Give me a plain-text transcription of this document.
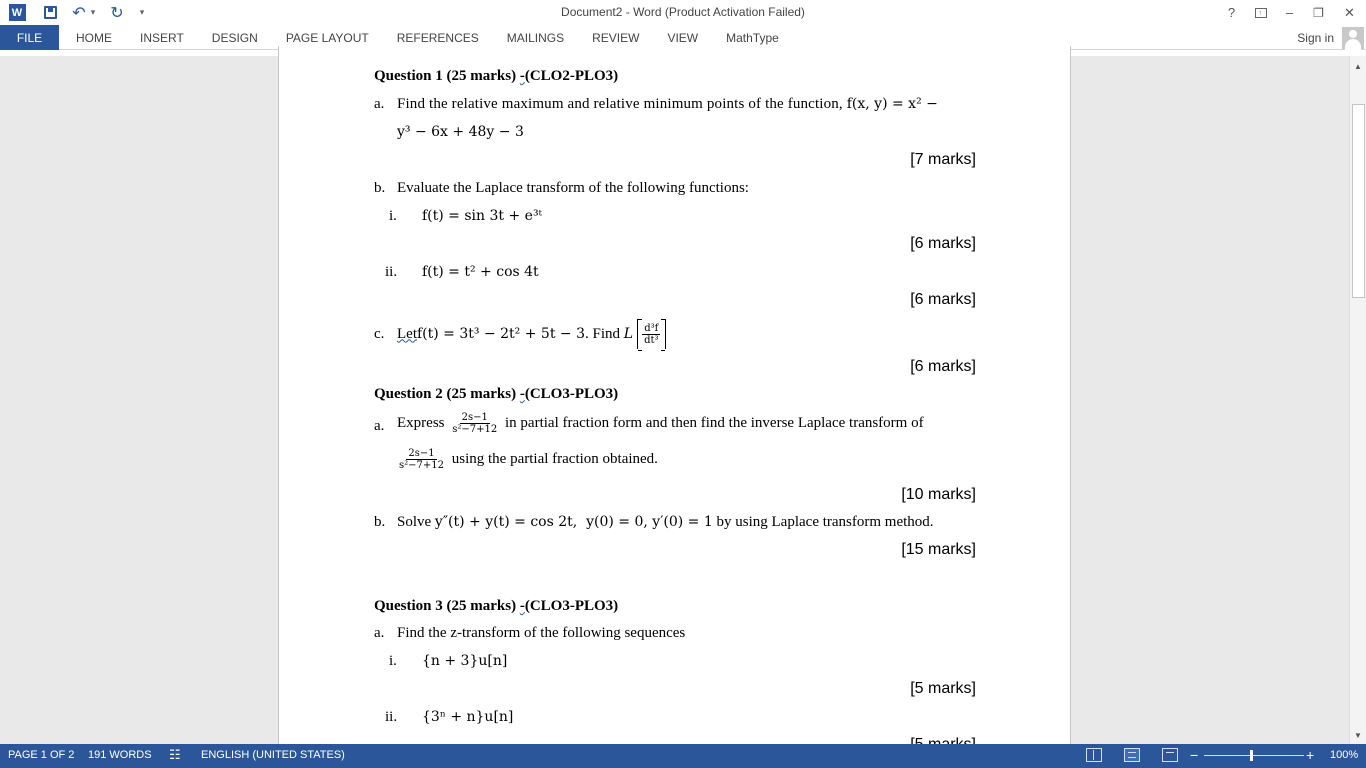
W	↶ ▾ ↻ ▾	Document2 - Word (Product Activation Failed)	?	↑ – ❐ ✕
FILE	HOME	INSERT	DESIGN	PAGE LAYOUT	REFERENCES	MAILINGS	REVIEW	VIEW	MathType	Sign in
Question 1 (25 marks) -(CLO2-PLO3)
a. Find the relative maximum and relative minimum points of the function, f(x, y) = x² −
y³ − 6x + 48y − 3
[7 marks]
b. Evaluate the Laplace transform of the following functions:
i. f(t) = sin 3t + e³ᵗ
[6 marks]
ii. f(t) = t² + cos 4t
[6 marks]
c. Let f(t) = 3t³ − 2t² + 5t − 3 . Find L $\frac{\text{d³f}}{\text{dt³}}$
[6 marks]
Question 2 (25 marks) -(CLO3-PLO3)
a. Express $\frac{2s-1}{\text{s²−7+12}}$ in partial fraction form and then find the inverse Laplace transform of
$\frac{2s-1}{\text{s²−7+12}}$ using the partial fraction obtained.
[10 marks]
b. Solve y″(t) + y(t) = cos 2t,  y(0) = 0, y′(0) = 1 by using Laplace transform method.
[15 marks]
Question 3 (25 marks) -(CLO3-PLO3)
a. Find the z-transform of the following sequences
i. {n + 3}u[n]
[5 marks]
ii. {3ⁿ + n}u[n]
▲
▼
PAGE 1 OF 2 191 WORDS ☷ ENGLISH (UNITED STATES)	−	+ 100%
